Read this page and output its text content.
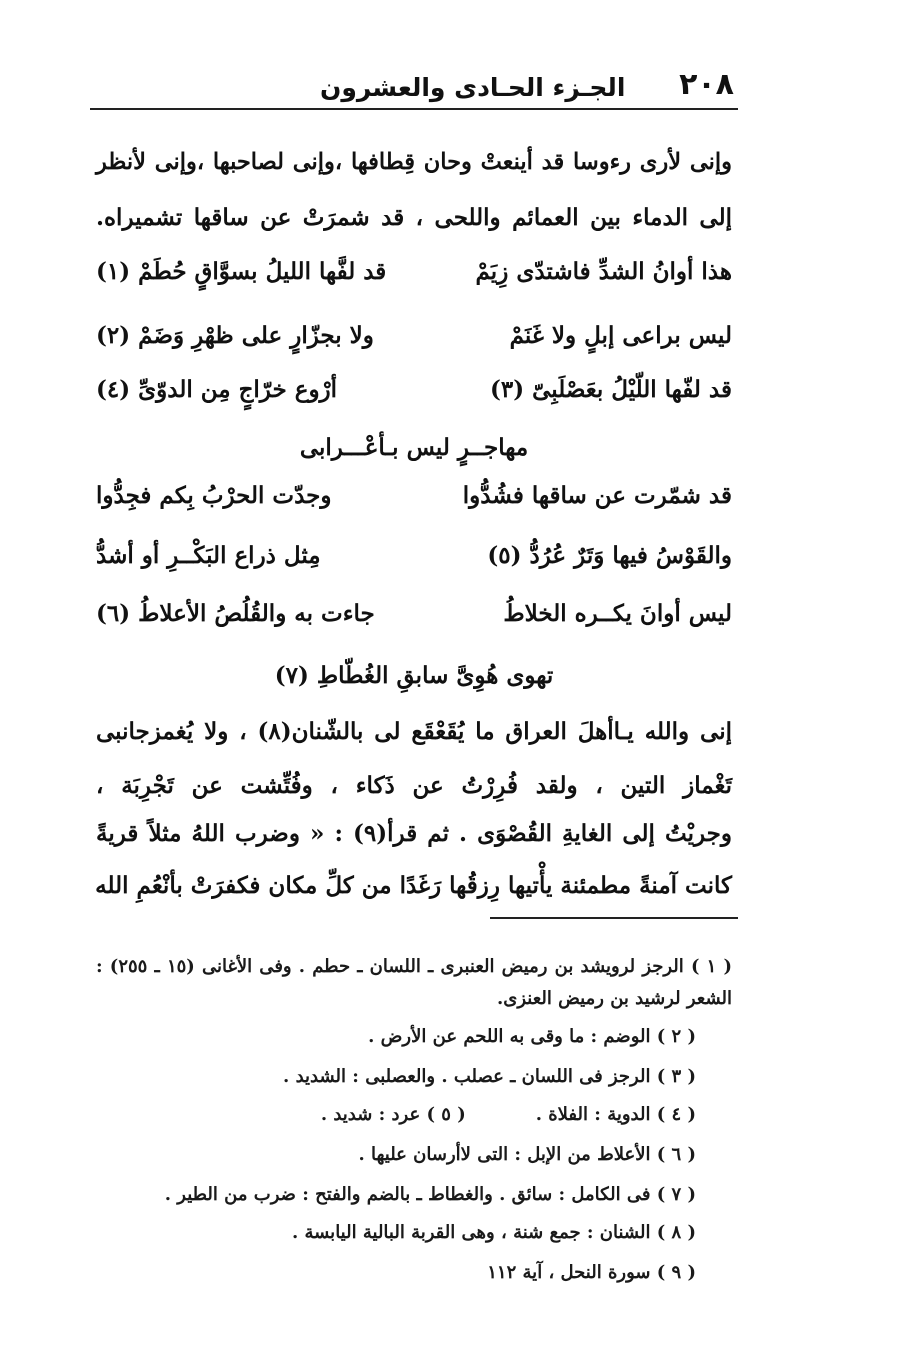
٢٠٨
الجـزء الحـادى والعشرون
وإنى لأرى رءوسا قد أينعتْ وحان قِطافها ،وإنى لصاحبها ،وإنى لأنظر
إلى الدماء بين العمائم واللحى ، قد شمرَتْ عن ساقها تشميراه.
هذا أوانُ الشدِّ فاشتدّى زِيَمْ
قد لفَّها الليلُ بسوَّاقٍ حُطَمْ (١)
ليس براعى إبلٍ ولا غَنَمْ
ولا بجزّارٍ على ظهْرِ وَضَمْ (٢)
قد لفّها اللّيْلُ بعَصْلَبِىّ (٣)
أرْوع خرّاجٍ مِن الدوّىِّ (٤)
مهاجــرٍ ليس بـأعْـــرابى
قد شمّرت عن ساقها فشُدُّوا
وجدّت الحرْبُ بِكم فجِدُّوا
والقَوْسُ فيها وَتَرٌ عُرُدُّ (٥)
مِثل ذراع البَكْــرِ أو أشدُّ
ليس أوانَ يكــره الخلاطُ
جاءت به والقُلُصُ الأعلاطُ (٦)
تهوى هُوِىَّ سابقِ الغُطّاطِ (٧)
إنى والله يـاأهلَ العراق ما يُقَعْقَع لى بالشّنان(٨) ، ولا يُغمزجانبى
تَغْماز التين ، ولقد فُرِرْتُ عن ذَكاء ، وفُتِّشت عن تَجْرِبَة ،
وجريْتُ إلى الغايةِ القُصْوَى . ثم قرأ(٩) : « وضرب اللهُ مثلاً قريةً
كانت آمنةً مطمئنة يأْتيها رِزقُها رَغَدًا من كلِّ مكان فكفرَتْ بأنْعُمِ الله
( ١ ) الرجز لرويشد بن رميض العنبرى ـ اللسان ـ حطم . وفى الأغانى (١٥ ـ ٢٥٥) :
الشعر لرشيد بن رميض العنزى.
( ٢ ) الوضم : ما وقى به اللحم عن الأرض .
( ٣ ) الرجز فى اللسان ـ عصلب . والعصلبى : الشديد .
( ٤ ) الدوية : الفلاة .( ٥ ) عرد : شديد .
( ٦ ) الأعلاط من الإبل : التى لاأرسان عليها .
( ٧ ) فى الكامل : سائق . والغطاط ـ بالضم والفتح : ضرب من الطير .
( ٨ ) الشنان : جمع شنة ، وهى القربة البالية اليابسة .
( ٩ ) سورة النحل ، آية ١١٢
